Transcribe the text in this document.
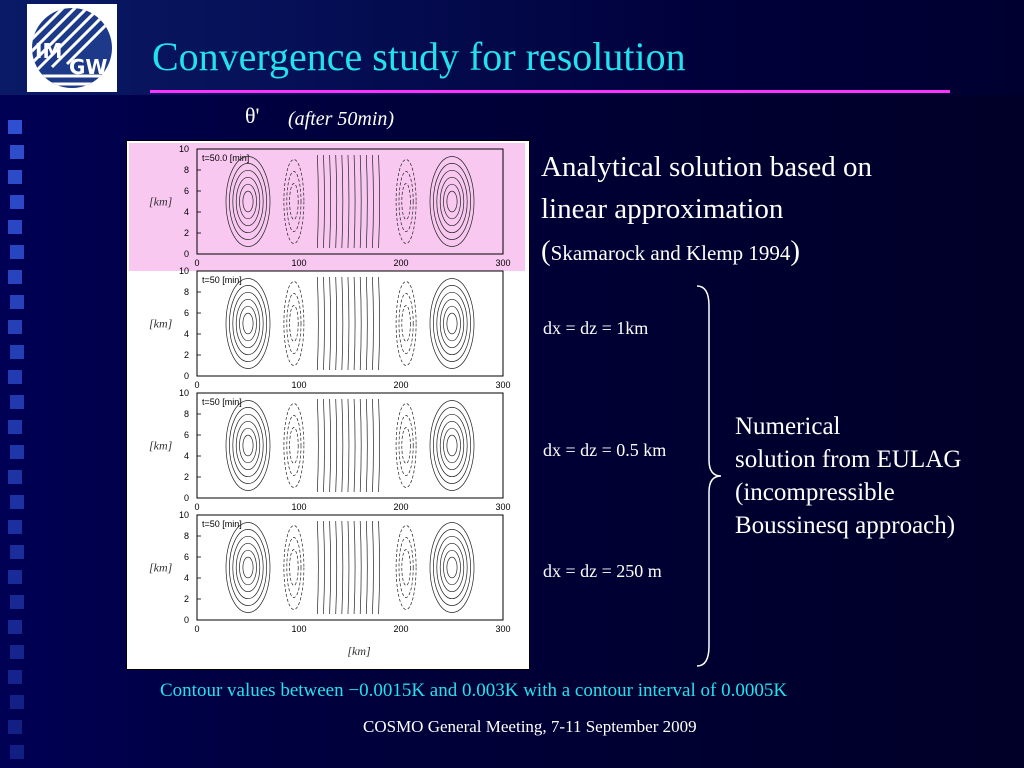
IM
GW Convergence study for resolution
θ' (after 50min)
10
8
6
4
2
0
[km]
0	100	200	300
t=50.0 [min]
10
8
6
4
2
0
[km]
0	100	200	300
t=50 [min]
10
8
6
4
2
0
[km]
0	100	200	300
t=50 [min]
10
8
6
4
2
0
[km]
0	100	200	300
t=50 [min]
[km]
Analytical solution based on
linear approximation
(Skamarock and Klemp 1994)
dx = dz = 1km
dx = dz = 0.5 km
dx = dz = 250 m
Numerical
solution from EULAG
(incompressible
Boussinesq approach)
Contour values between −0.0015K and 0.003K with a contour interval of 0.0005K
COSMO General Meeting, 7-11 September 2009
